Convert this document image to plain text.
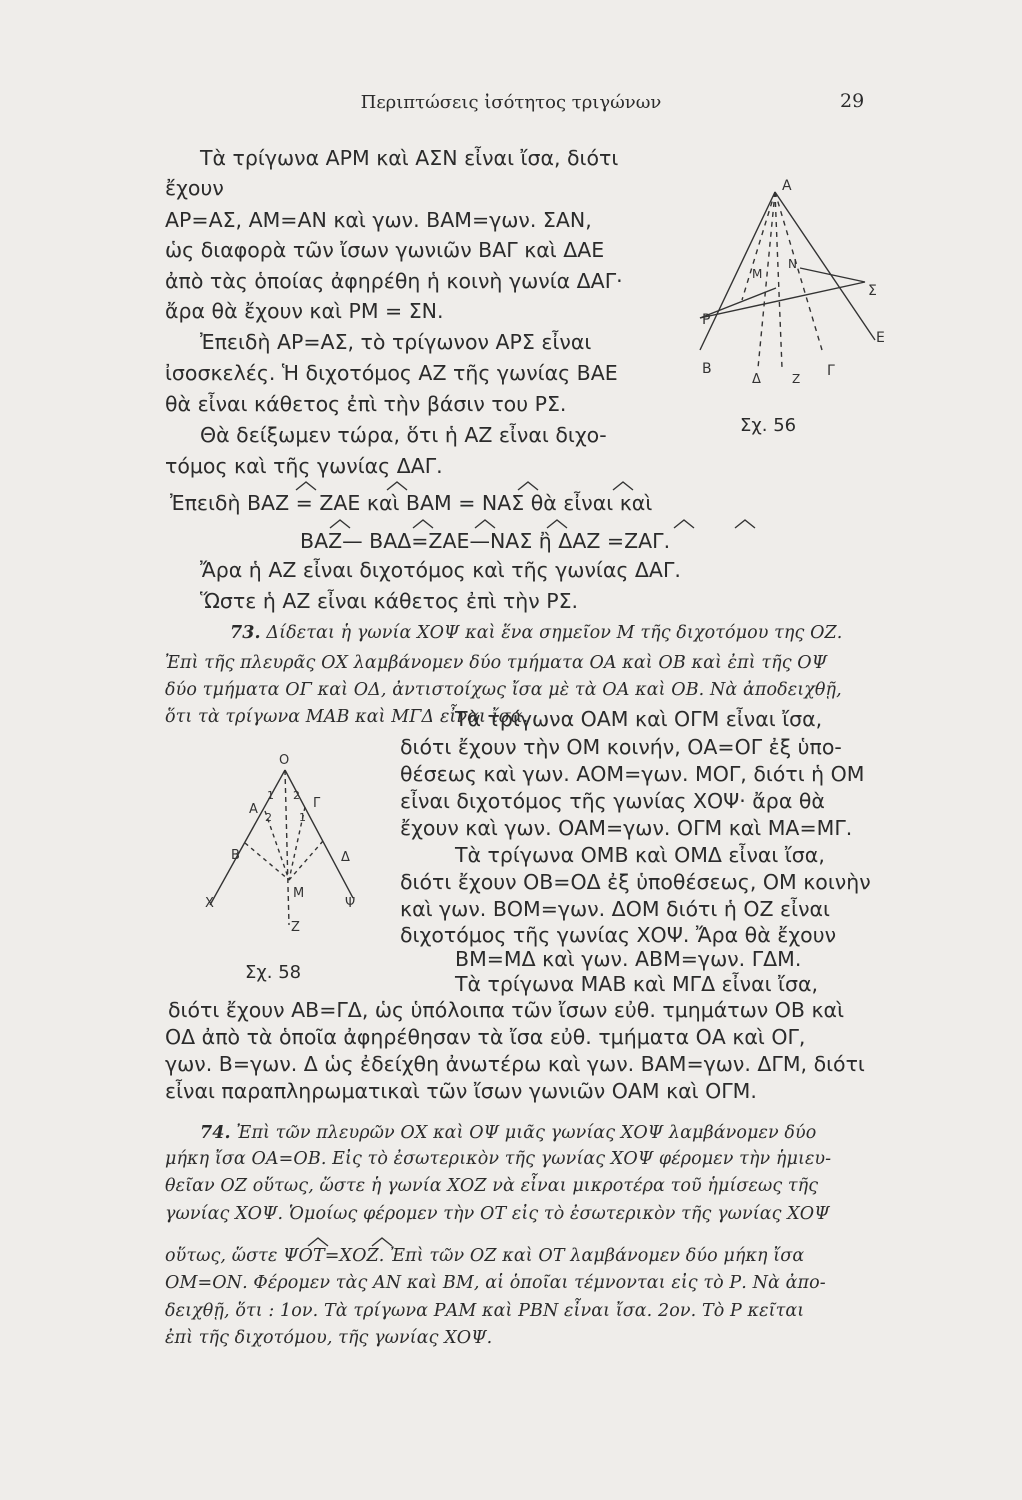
Περιπτώσεις ἰσότητος τριγώνων	29
Τὰ τρίγωνα ΑΡΜ καὶ ΑΣΝ εἶναι ἴσα, διότι
ἔχουν
ΑΡ=ΑΣ, ΑΜ=ΑΝ καὶ γων. ΒΑΜ=γων. ΣΑΝ,
ὡς διαφορὰ τῶν ἴσων γωνιῶν ΒΑΓ καὶ ΔΑΕ
ἀπὸ τὰς ὁποίας ἀφηρέθη ἡ κοινὴ γωνία ΔΑΓ·
ἄρα θὰ ἔχουν καὶ ΡΜ = ΣΝ.
Ἐπειδὴ ΑΡ=ΑΣ, τὸ τρίγωνον ΑΡΣ εἶναι
ἰσοσκελές. Ἡ διχοτόμος ΑΖ τῆς γωνίας ΒΑΕ
θὰ εἶναι κάθετος ἐπὶ τὴν βάσιν του ΡΣ.
Θὰ δείξωμεν τώρα, ὅτι ἡ ΑΖ εἶναι διχο-
τόμος καὶ τῆς γωνίας ΔΑΓ.
Ἐπειδὴ ΒΑΖ = ΖΑΕ καὶ ΒΑΜ = ΝΑΣ θὰ εἶναι καὶ
ΒΑΖ— ΒΑΔ=ΖΑΕ—ΝΑΣ ἢ ΔΑΖ =ΖΑΓ.
Ἄρα ἡ ΑΖ εἶναι διχοτόμος καὶ τῆς γωνίας ΔΑΓ.
Ὥστε ἡ ΑΖ εἶναι κάθετος ἐπὶ τὴν ΡΣ.
A
M
N
Σ
E
P
B
Δ	Z Γ
Σχ. 56
73. Δίδεται ἡ γωνία ΧΟΨ καὶ ἕνα σημεῖον Μ τῆς διχοτόμου της ΟΖ.
Ἐπὶ τῆς πλευρᾶς ΟΧ λαμβάνομεν δύο τμήματα ΟΑ καὶ ΟΒ καὶ ἐπὶ τῆς ΟΨ
δύο τμήματα ΟΓ καὶ ΟΔ, ἀντιστοίχως ἴσα μὲ τὰ ΟΑ καὶ ΟΒ. Νὰ ἀποδειχθῇ,
ὅτι τὰ τρίγωνα ΜΑΒ καὶ ΜΓΔ εἶναι ἴσα.
O
A	Γ
1 2
2 1
B	Δ
M
Ψ
X
Z
Σχ. 58
Τὰ τρίγωνα ΟΑΜ καὶ ΟΓΜ εἶναι ἴσα,
διότι ἔχουν τὴν ΟΜ κοινήν, ΟΑ=ΟΓ ἐξ ὑπο-
θέσεως καὶ γων. ΑΟΜ=γων. ΜΟΓ, διότι ἡ ΟΜ
εἶναι διχοτόμος τῆς γωνίας ΧΟΨ· ἄρα θὰ
ἔχουν καὶ γων. ΟΑΜ=γων. ΟΓΜ καὶ ΜΑ=ΜΓ.
Τὰ τρίγωνα ΟΜΒ καὶ ΟΜΔ εἶναι ἴσα,
διότι ἔχουν ΟΒ=ΟΔ ἐξ ὑποθέσεως, ΟΜ κοινὴν
καὶ γων. ΒΟΜ=γων. ΔΟΜ διότι ἡ ΟΖ εἶναι
διχοτόμος τῆς γωνίας ΧΟΨ. Ἄρα θὰ ἔχουν
ΒΜ=ΜΔ καὶ γων. ΑΒΜ=γων. ΓΔΜ.
Τὰ τρίγωνα ΜΑΒ καὶ ΜΓΔ εἶναι ἴσα,
διότι ἔχουν ΑΒ=ΓΔ, ὡς ὑπόλοιπα τῶν ἴσων εὐθ. τμημάτων ΟΒ καὶ
ΟΔ ἀπὸ τὰ ὁποῖα ἀφηρέθησαν τὰ ἴσα εὐθ. τμήματα ΟΑ καὶ ΟΓ,
γων. Β=γων. Δ ὡς ἐδείχθη ἀνωτέρω καὶ γων. ΒΑΜ=γων. ΔΓΜ, διότι
εἶναι παραπληρωματικαὶ τῶν ἴσων γωνιῶν ΟΑΜ καὶ ΟΓΜ.
74. Ἐπὶ τῶν πλευρῶν ΟΧ καὶ ΟΨ μιᾶς γωνίας ΧΟΨ λαμβάνομεν δύο
μήκη ἴσα ΟΑ=ΟΒ. Εἰς τὸ ἐσωτερικὸν τῆς γωνίας ΧΟΨ φέρομεν τὴν ἡμιευ-
θεῖαν ΟΖ οὕτως, ὥστε ἡ γωνία ΧΟΖ νὰ εἶναι μικροτέρα τοῦ ἡμίσεως τῆς
γωνίας ΧΟΨ. Ὁμοίως φέρομεν τὴν ΟΤ εἰς τὸ ἐσωτερικὸν τῆς γωνίας ΧΟΨ
οὕτως, ὥστε ΨΟΤ=ΧΟΖ. Ἐπὶ τῶν ΟΖ καὶ ΟΤ λαμβάνομεν δύο μήκη ἴσα
ΟΜ=ΟΝ. Φέρομεν τὰς ΑΝ καὶ ΒΜ, αἱ ὁποῖαι τέμνονται εἰς τὸ Ρ. Νὰ ἀπο-
δειχθῇ, ὅτι : 1ον. Τὰ τρίγωνα ΡΑΜ καὶ ΡΒΝ εἶναι ἴσα. 2ον. Τὸ Ρ κεῖται
ἐπὶ τῆς διχοτόμου, τῆς γωνίας ΧΟΨ.
